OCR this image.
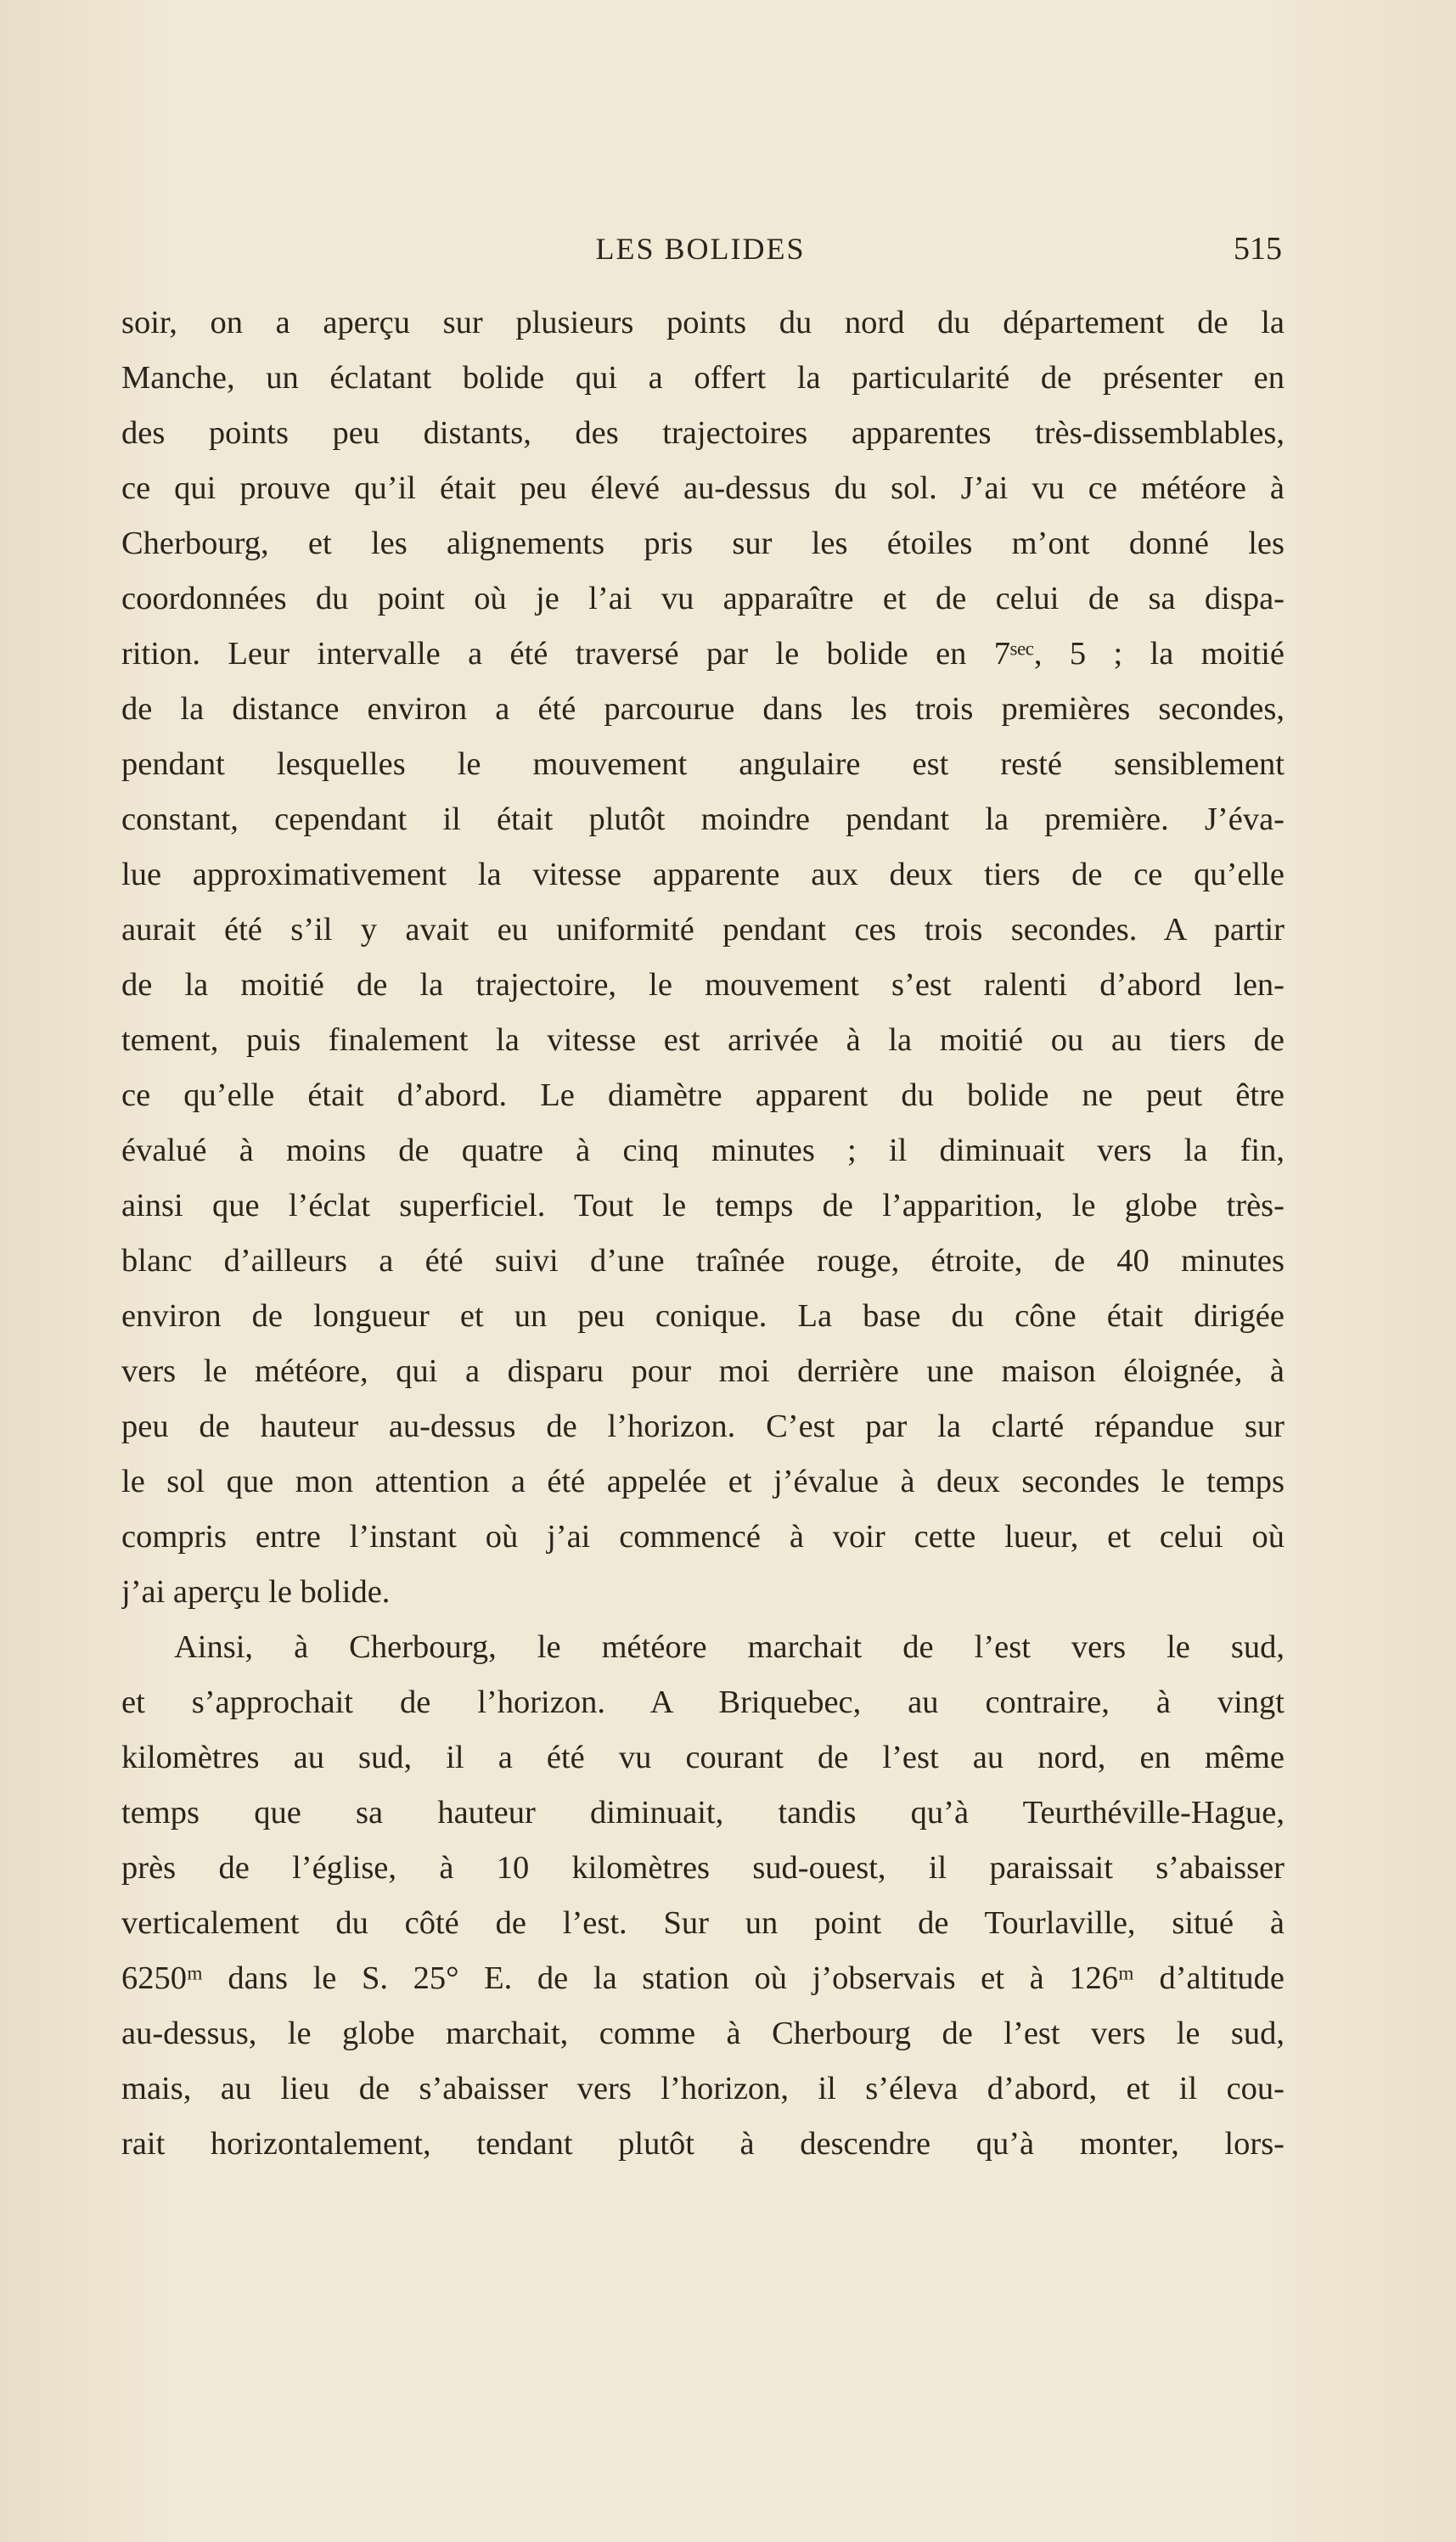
LES BOLIDES	515
soir, on a aperçu sur plusieurs points du nord du département de la
Manche, un éclatant bolide qui a offert la particularité de présenter en
des points peu distants, des trajectoires apparentes très-dissemblables,
ce qui prouve qu’il était peu élevé au-dessus du sol. J’ai vu ce météore à
Cherbourg, et les alignements pris sur les étoiles m’ont donné les
coordonnées du point où je l’ai vu apparaître et de celui de sa dispa-
rition. Leur intervalle a été traversé par le bolide en 7ˢᵉᶜ, 5 ; la moitié
de la distance environ a été parcourue dans les trois premières secondes,
pendant lesquelles le mouvement angulaire est resté sensiblement
constant, cependant il était plutôt moindre pendant la première. J’éva-
lue approximativement la vitesse apparente aux deux tiers de ce qu’elle
aurait été s’il y avait eu uniformité pendant ces trois secondes. A partir
de la moitié de la trajectoire, le mouvement s’est ralenti d’abord len-
tement, puis finalement la vitesse est arrivée à la moitié ou au tiers de
ce qu’elle était d’abord. Le diamètre apparent du bolide ne peut être
évalué à moins de quatre à cinq minutes ; il diminuait vers la fin,
ainsi que l’éclat superficiel. Tout le temps de l’apparition, le globe très-
blanc d’ailleurs a été suivi d’une traînée rouge, étroite, de 40 minutes
environ de longueur et un peu conique. La base du cône était dirigée
vers le météore, qui a disparu pour moi derrière une maison éloignée, à
peu de hauteur au-dessus de l’horizon. C’est par la clarté répandue sur
le sol que mon attention a été appelée et j’évalue à deux secondes le temps
compris entre l’instant où j’ai commencé à voir cette lueur, et celui où
j’ai aperçu le bolide.
Ainsi, à Cherbourg, le météore marchait de l’est vers le sud,
et s’approchait de l’horizon. A Briquebec, au contraire, à vingt
kilomètres au sud, il a été vu courant de l’est au nord, en même
temps que sa hauteur diminuait, tandis qu’à Teurthéville-Hague,
près de l’église, à 10 kilomètres sud-ouest, il paraissait s’abaisser
verticalement du côté de l’est. Sur un point de Tourlaville, situé à
6250ᵐ dans le S. 25° E. de la station où j’observais et à 126ᵐ d’altitude
au-dessus, le globe marchait, comme à Cherbourg de l’est vers le sud,
mais, au lieu de s’abaisser vers l’horizon, il s’éleva d’abord, et il cou-
rait horizontalement, tendant plutôt à descendre qu’à monter, lors-
